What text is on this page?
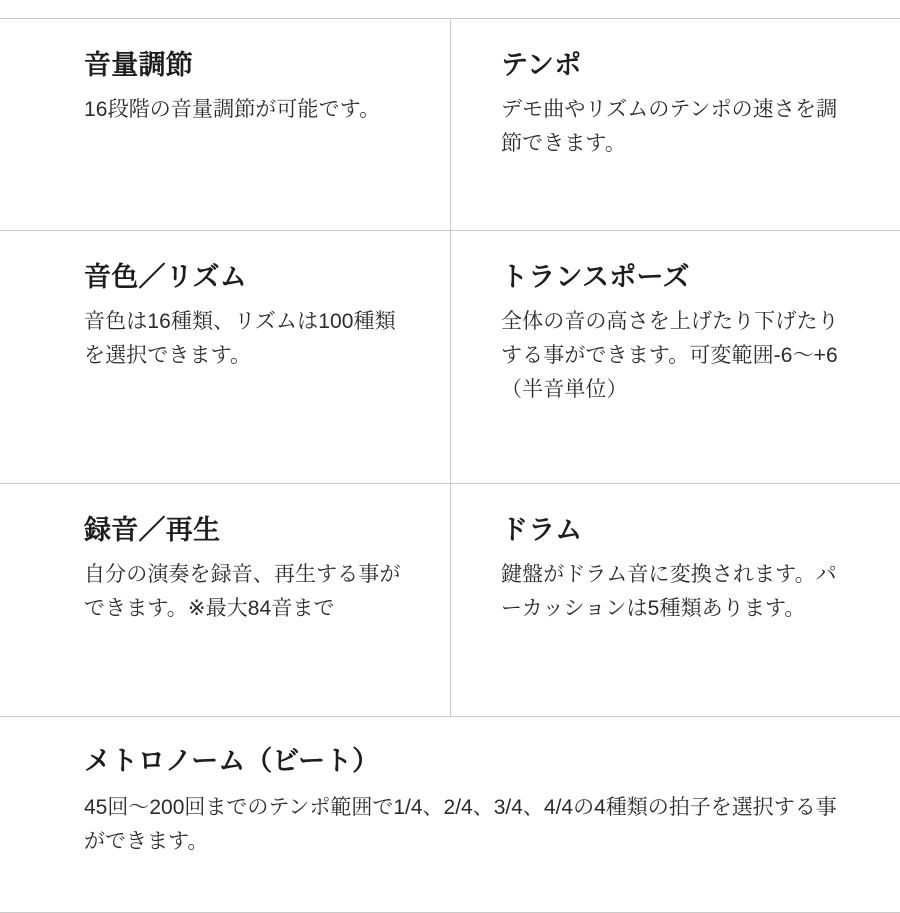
音量調節

16段階の音量調節が可能です。

テンポ

デモ曲やリズムのテンポの速さを調節できます。

音色／リズム

音色は16種類、リズムは100種類を選択できます。

トランスポーズ

全体の音の高さを上げたり下げたりする事ができます。可変範囲-6〜+6（半音単位）

録音／再生

自分の演奏を録音、再生する事ができます。※最大84音まで

ドラム

鍵盤がドラム音に変換されます。パーカッションは5種類あります。

メトロノーム（ビート）

45回〜200回までのテンポ範囲で1/4、2/4、3/4、4/4の4種類の拍子を選択する事ができます。
